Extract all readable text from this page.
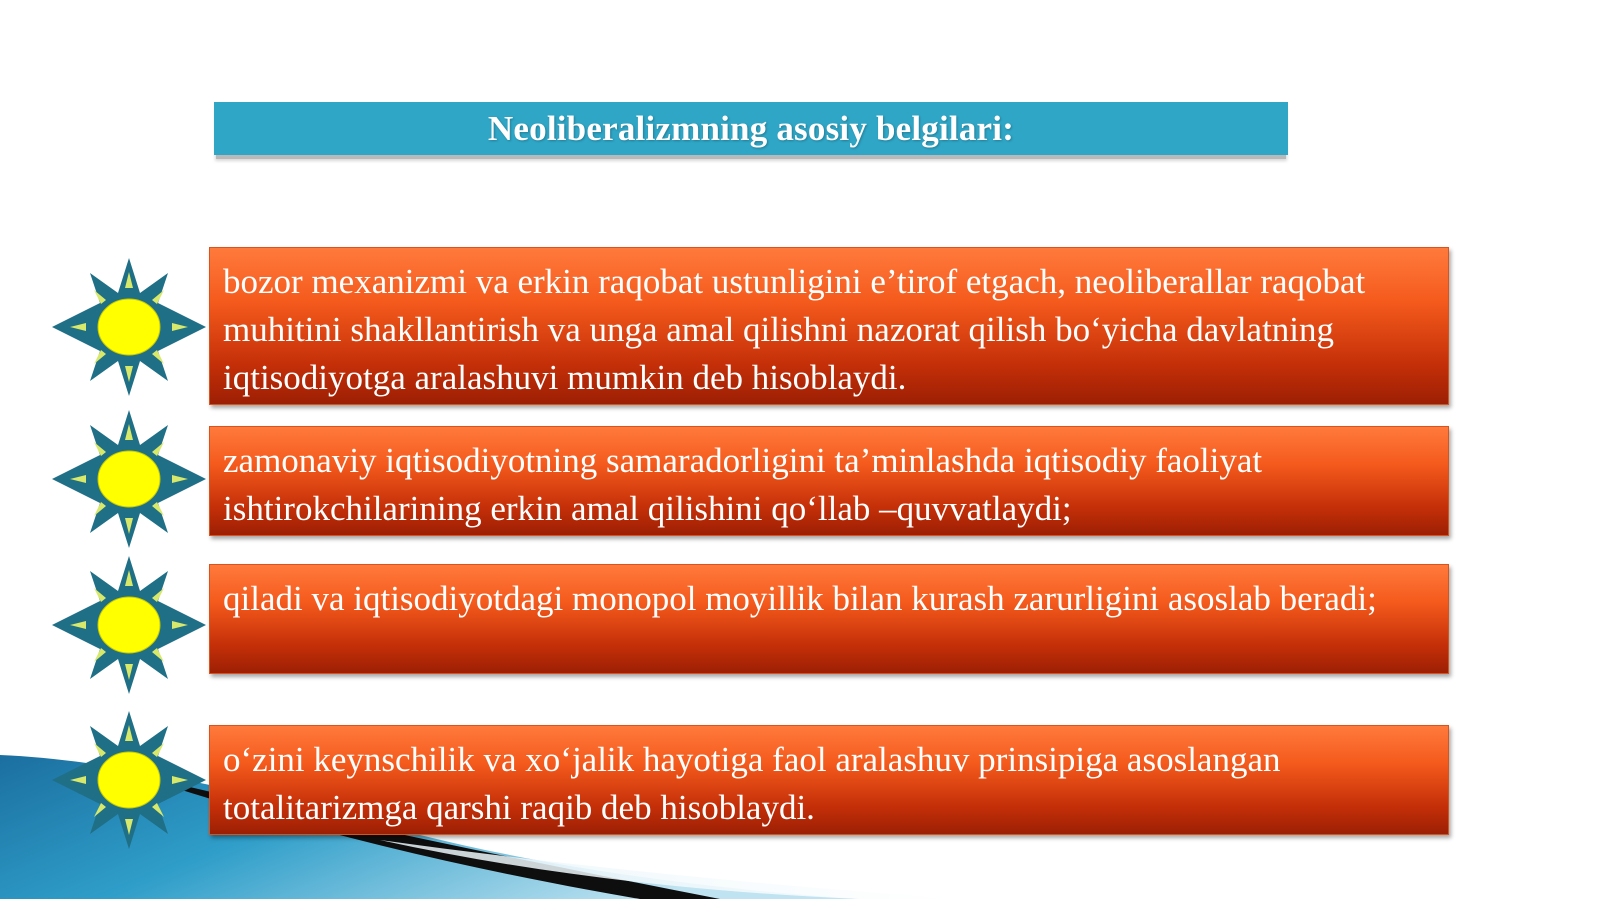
Neoliberalizmning asosiy belgilari:
bozor mexanizmi va erkin raqobat ustunligini e’tirof etgach, neoliberallar raqobat muhitini shakllantirish va unga amal qilishni nazorat qilish bo‘yicha davlatning iqtisodiyotga aralashuvi mumkin deb hisoblaydi.
zamonaviy iqtisodiyotning samaradorligini ta’minlashda iqtisodiy faoliyat ishtirokchilarining erkin amal qilishini qo‘llab –quvvatlaydi;
qiladi va iqtisodiyotdagi monopol moyillik bilan kurash zarurligini asoslab beradi;
o‘zini keynschilik va xo‘jalik hayotiga faol aralashuv prinsipiga asoslangan totalitarizmga qarshi raqib deb hisoblaydi.
